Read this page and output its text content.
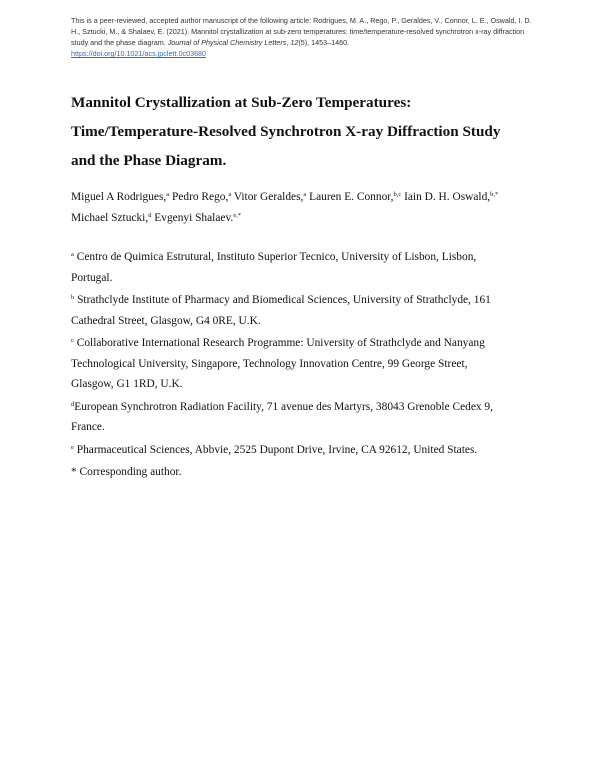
This is a peer-reviewed, accepted author manuscript of the following article: Rodrigues, M. A., Rego, P., Geraldes, V., Connor, L. E., Oswald, I. D. H., Sztucki, M., & Shalaev, E. (2021). Mannitol crystallization at sub-zero temperatures: time/temperature-resolved synchrotron x-ray diffraction study and the phase diagram. Journal of Physical Chemistry Letters, 12(5), 1453–1460.
https://doi.org/10.1021/acs.jpclett.0c03680
Mannitol Crystallization at Sub-Zero Temperatures:
Time/Temperature-Resolved Synchrotron X-ray Diffraction Study
and the Phase Diagram.
Miguel A Rodrigues,$^a$ Pedro Rego,$^a$ Vitor Geraldes,$^a$ Lauren E. Connor,$^{b,c}$ Iain D. H. Oswald,$^{b,*}$
Michael Sztucki,$^d$ Evgenyi Shalaev.$^{e,*}$
$^a$ Centro de Quimica Estrutural, Instituto Superior Tecnico, University of Lisbon, Lisbon,
Portugal.
$^b$ Strathclyde Institute of Pharmacy and Biomedical Sciences, University of Strathclyde, 161
Cathedral Street, Glasgow, G4 0RE, U.K.
$^c$ Collaborative International Research Programme: University of Strathclyde and Nanyang
Technological University, Singapore, Technology Innovation Centre, 99 George Street,
Glasgow, G1 1RD, U.K.
$^d$European Synchrotron Radiation Facility, 71 avenue des Martyrs, 38043 Grenoble Cedex 9,
France.
$^e$ Pharmaceutical Sciences, Abbvie, 2525 Dupont Drive, Irvine, CA 92612, United States.
* Corresponding author.
